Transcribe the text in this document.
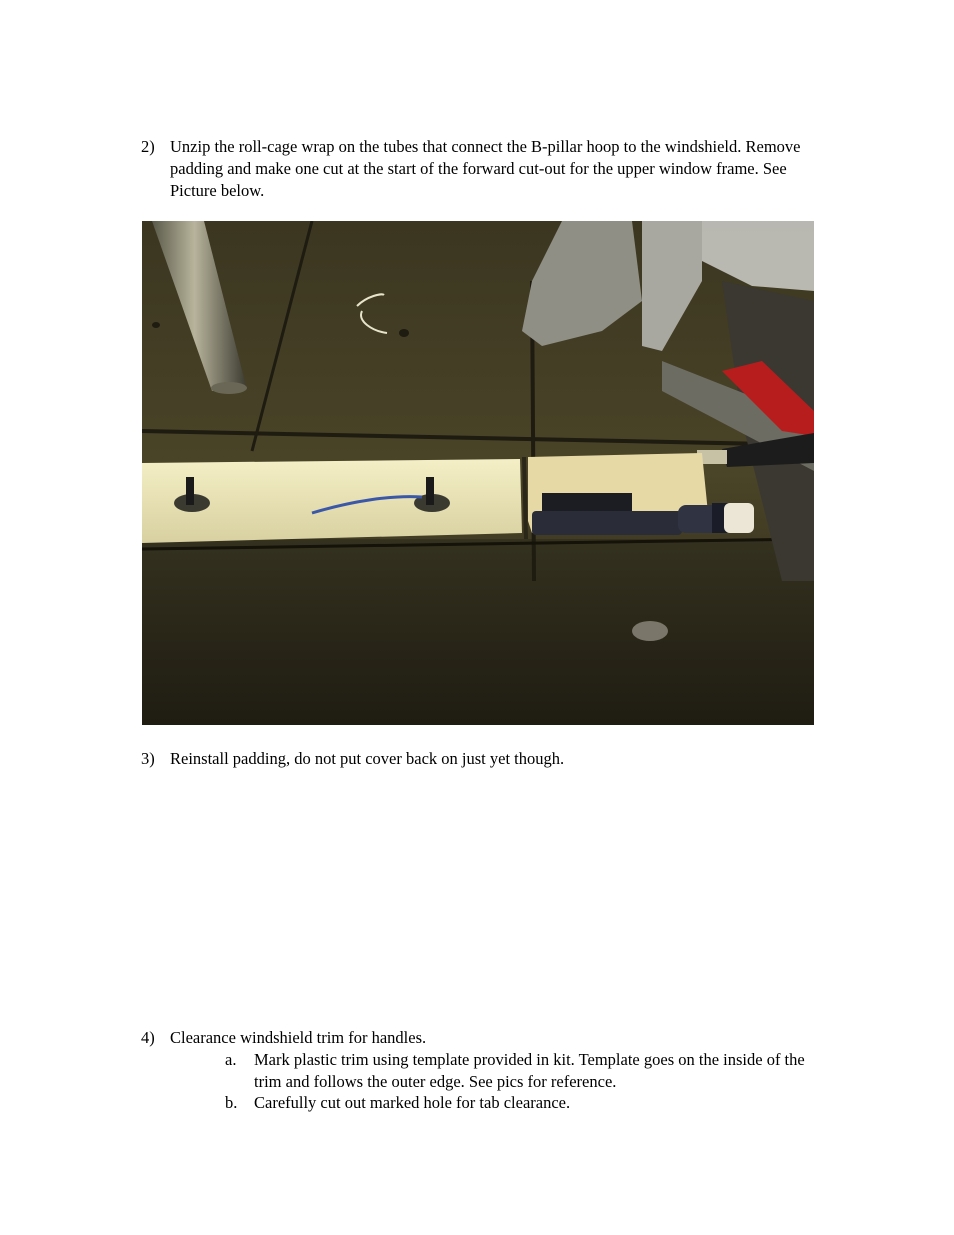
2) Unzip the roll-cage wrap on the tubes that connect the B-pillar hoop to the windshield. Remove padding and make one cut at the start of the forward cut-out for the upper window frame. See Picture below.
3) Reinstall padding, do not put cover back on just yet though.
4) Clearance windshield trim for handles.
a. Mark plastic trim using template provided in kit. Template goes on the inside of the trim and follows the outer edge. See pics for reference.
b. Carefully cut out marked hole for tab clearance.
